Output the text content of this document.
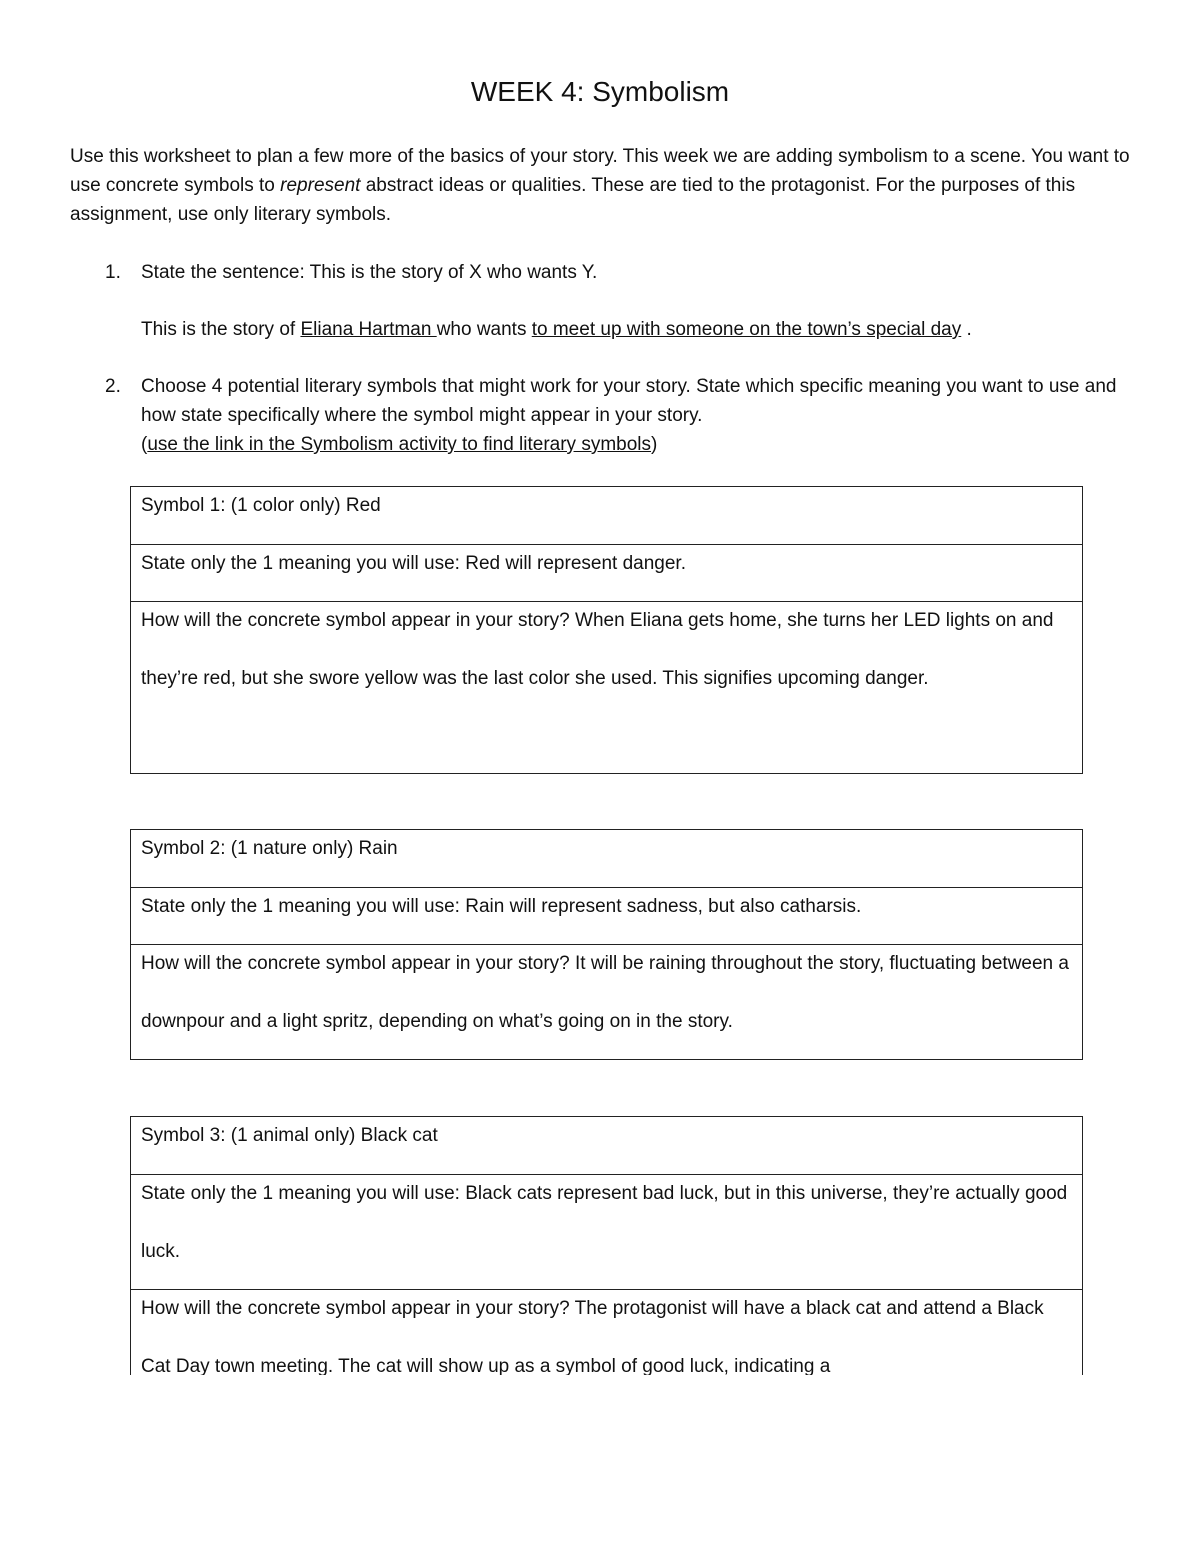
WEEK 4: Symbolism
Use this worksheet to plan a few more of the basics of your story. This week we are adding symbolism to a scene. You want to use concrete symbols to represent abstract ideas or qualities. These are tied to the protagonist. For the purposes of this assignment, use only literary symbols.
1.	State the sentence: This is the story of X who wants Y.
This is the story of Eliana Hartman who wants to meet up with someone on the town’s special day .
2.	Choose 4 potential literary symbols that might work for your story. State which specific meaning you want to use and how state specifically where the symbol might appear in your story.
(use the link in the Symbolism activity to find literary symbols)
Symbol 1: (1 color only) Red

State only the 1 meaning you will use: Red will represent danger.

How will the concrete symbol appear in your story? When Eliana gets home, she turns her LED lights on and they’re red, but she swore yellow was the last color she used. This signifies upcoming danger.
Symbol 2: (1 nature only) Rain

State only the 1 meaning you will use: Rain will represent sadness, but also catharsis.

How will the concrete symbol appear in your story? It will be raining throughout the story, fluctuating between a downpour and a light spritz, depending on what’s going on in the story.
Symbol 3: (1 animal only) Black cat

State only the 1 meaning you will use: Black cats represent bad luck, but in this universe, they’re actually good luck.

How will the concrete symbol appear in your story? The protagonist will have a black cat and attend a Black Cat Day town meeting. The cat will show up as a symbol of good luck, indicating a
